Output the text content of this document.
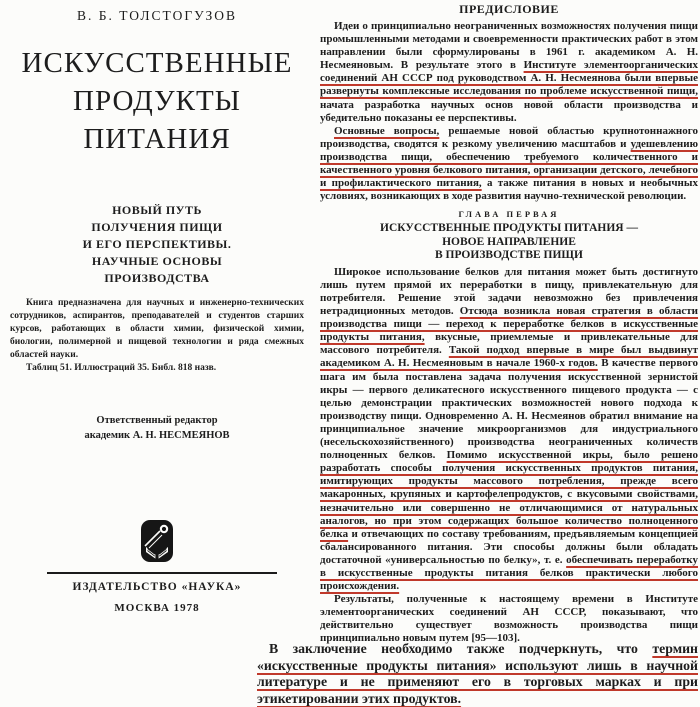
В. Б. ТОЛСТОГУЗОВ
ИСКУССТВЕННЫЕ
ПРОДУКТЫ
ПИТАНИЯ
НОВЫЙ ПУТЬ
ПОЛУЧЕНИЯ ПИЩИ
И ЕГО ПЕРСПЕКТИВЫ.
НАУЧНЫЕ ОСНОВЫ
ПРОИЗВОДСТВА

Книга предназначена для научных и инженерно-технических сотрудников, аспирантов, преподавателей и студентов старших курсов, работающих в области химии, физической химии, биологии, полимерной и пищевой технологии и ряда смежных областей науки.

Таблиц 51. Иллюстраций 35. Библ. 818 назв.

Ответственный редактор
академик А. Н. НЕСМЕЯНОВ
ИЗДАТЕЛЬСТВО «НАУКА»
МОСКВА 1978
ПРЕДИСЛОВИЕ

Идеи о принципиально неограниченных возможностях получения пищи промышленными методами и своевременности практических работ в этом направлении были сформулированы в 1961 г. академиком А. Н. Несмеяновым. В результате этого в Институте элементоорганических соединений АН СССР под руководством А. Н. Несмеянова были впервые развернуты комплексные исследования по проблеме искусственной пищи, начата разработка научных основ новой области производства и убедительно показаны ее перспективы.

Основные вопросы, решаемые новой областью крупнотоннажного производства, сводятся к резкому увеличению масштабов и удешевлению производства пищи, обеспечению требуемого количественного и качественного уровня белкового питания, организации детского, лечебного и профилактического питания, а также питания в новых и необычных условиях, возникающих в ходе развития научно-технической революции.

ГЛАВА ПЕРВАЯ
ИСКУССТВЕННЫЕ ПРОДУКТЫ ПИТАНИЯ —
НОВОЕ НАПРАВЛЕНИЕ
В ПРОИЗВОДСТВЕ ПИЩИ

Широкое использование белков для питания может быть достигнуто лишь путем прямой их переработки в пищу, привлекательную для потребителя. Решение этой задачи невозможно без привлечения нетрадиционных методов. Отсюда возникла новая стратегия в области производства пищи — переход к переработке белков в искусственные продукты питания, вкусные, приемлемые и привлекательные для массового потребителя. Такой подход впервые в мире был выдвинут академиком А. Н. Несмеяновым в начале 1960-х годов. В качестве первого шага им была поставлена задача получения искусственной зернистой икры — первого деликатесного искусственного пищевого продукта — с целью демонстрации практических возможностей нового подхода к производству пищи. Одновременно А. Н. Несмеянов обратил внимание на принципиальное значение микроорганизмов для индустриального (несельскохозяйственного) производства неограниченных количеств полноценных белков. Помимо искусственной икры, было решено разработать способы получения искусственных продуктов питания, имитирующих продукты массового потребления, прежде всего макаронных, крупяных и картофелепродуктов, с вкусовыми свойствами, незначительно или совершенно не отличающимися от натуральных аналогов, но при этом содержащих большое количество полноценного белка и отвечающих по составу требованиям, предъявляемым концепцией сбалансированного питания. Эти способы должны были обладать достаточной «универсальностью по белку», т. е. обеспечивать переработку в искусственные продукты питания белков практически любого происхождения.

Результаты, полученные к настоящему времени в Институте элементоорганических соединений АН СССР, показывают, что действительно существует возможность производства пищи принципиально новым путем [95—103].

В заключение необходимо также подчеркнуть, что термин «искусственные продукты питания» используют лишь в научной литературе и не применяют его в торговых марках и при этикетировании этих продуктов.
